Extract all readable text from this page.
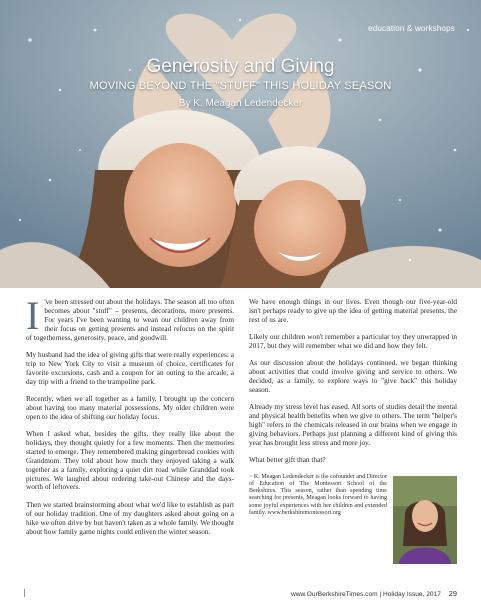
education & workshops
Generosity and Giving
MOVING BEYOND THE "STUFF" THIS HOLIDAY SEASON
By K. Meagan Ledendecker

I 've been stressed out about the holidays. The season all too often becomes about "stuff" – presents, decorations, more presents. For years I've been wanting to wean our children away from their focus on getting presents and instead refocus on the spirit of togetherness, generosity, peace, and goodwill.

My husband had the idea of giving gifts that were really experiences: a trip to New York City to visit a museum of choice, certificates for favorite excursions, cash and a coupon for an outing to the arcade, a day trip with a friend to the trampoline park.

Recently, when we all together as a family, I brought up the concern about having too many material possessions. My older children were open to the idea of shifting our holiday focus.

When I asked what, besides the gifts, they really like about the holidays, they thought quietly for a few moments. Then the memories started to emerge. They remembered making gingerbread cookies with Grandmom. They told about how much they enjoyed taking a walk together as a family, exploring a quiet dirt road while Granddad took pictures. We laughed about ordering take-out Chinese and the days-worth of leftovers.

Then we started brainstorming about what we'd like to establish as part of our holiday tradition. One of my daughters asked about going on a hike we often drive by but haven't taken as a whole family. We thought about how family game nights could enliven the winter season.

We have enough things in our lives. Even though our five-year-old isn't perhaps ready to give up the idea of getting material presents, the rest of us are.

Likely our children won't remember a particular toy they unwrapped in 2017, but they will remember what we did and how they felt.

As our discussion about the holidays continued, we began thinking about activities that could involve giving and service to others. We decided, as a family, to explore ways to "give back" this holiday season.

Already my stress level has eased. All sorts of studies detail the mental and physical health benefits when we give to others. The term "helper's high" refers to the chemicals released in our brains when we engage in giving behaviors. Perhaps just planning a different kind of giving this year has brought less stress and more joy.

What better gift than that?

~ K. Meagan Ledendecker is the cofounder and Director of Education of The Montessori School of the Berkshires. This season, rather than spending time searching for presents, Meagan looks forward to having some joyful experiences with her children and extended family. www.berkshiremontessori.org

www.OurBerkshireTimes.com | Holiday Issue, 2017 29
